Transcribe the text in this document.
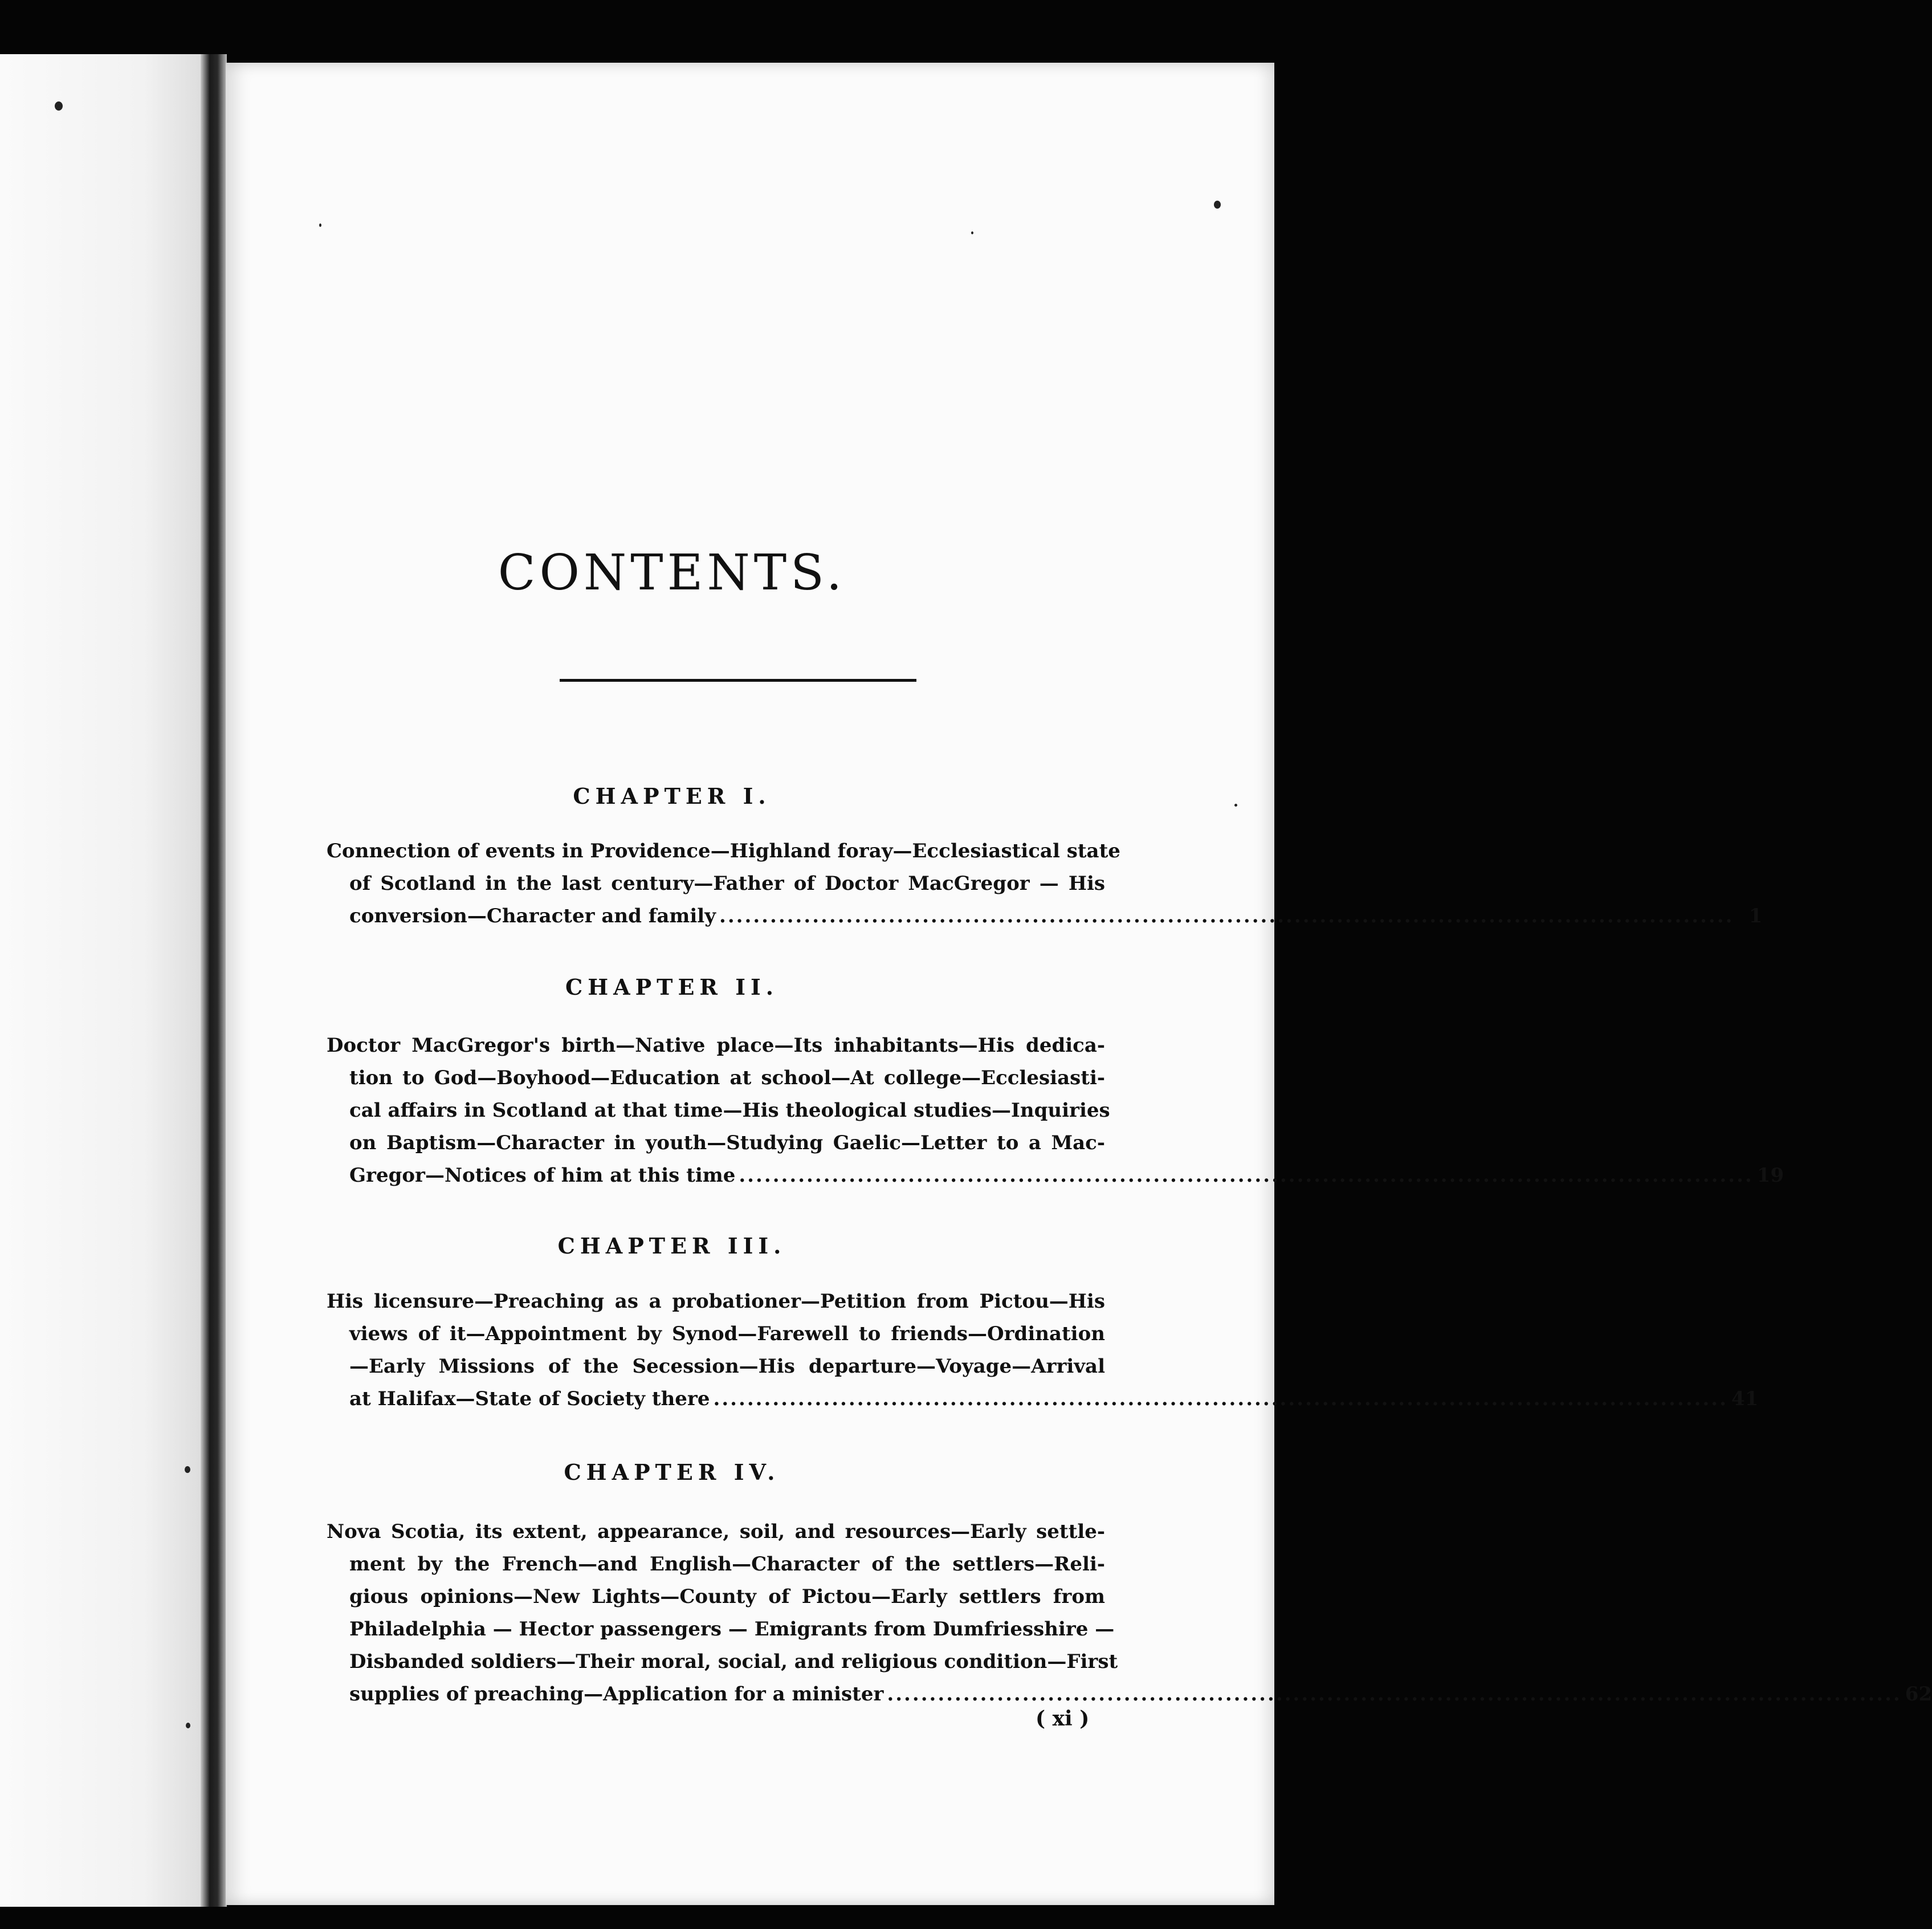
CONTENTS.
CHAPTER I.
Connection of events in Providence—Highland foray—Ecclesiastical state
of Scotland in the last century—Father of Doctor MacGregor — His
conversion—Character and family ........................................................................................................................ 1
CHAPTER II.
Doctor MacGregor's birth—Native place—Its inhabitants—His dedica-
tion to God—Boyhood—Education at school—At college—Ecclesiasti-
cal affairs in Scotland at that time—His theological studies—Inquiries
on Baptism—Character in youth—Studying Gaelic—Letter to a Mac-
Gregor—Notices of him at this time ........................................................................................................................ 19
CHAPTER III.
His licensure—Preaching as a probationer—Petition from Pictou—His
views of it—Appointment by Synod—Farewell to friends—Ordination
—Early Missions of the Secession—His departure—Voyage—Arrival
at Halifax—State of Society there ........................................................................................................................ 41
CHAPTER IV.
Nova Scotia, its extent, appearance, soil, and resources—Early settle-
ment by the French—and English—Character of the settlers—Reli-
gious opinions—New Lights—County of Pictou—Early settlers from
Philadelphia — Hector passengers — Emigrants from Dumfriesshire —
Disbanded soldiers—Their moral, social, and religious condition—First
supplies of preaching—Application for a minister ........................................................................................................................ 62
( xi )
